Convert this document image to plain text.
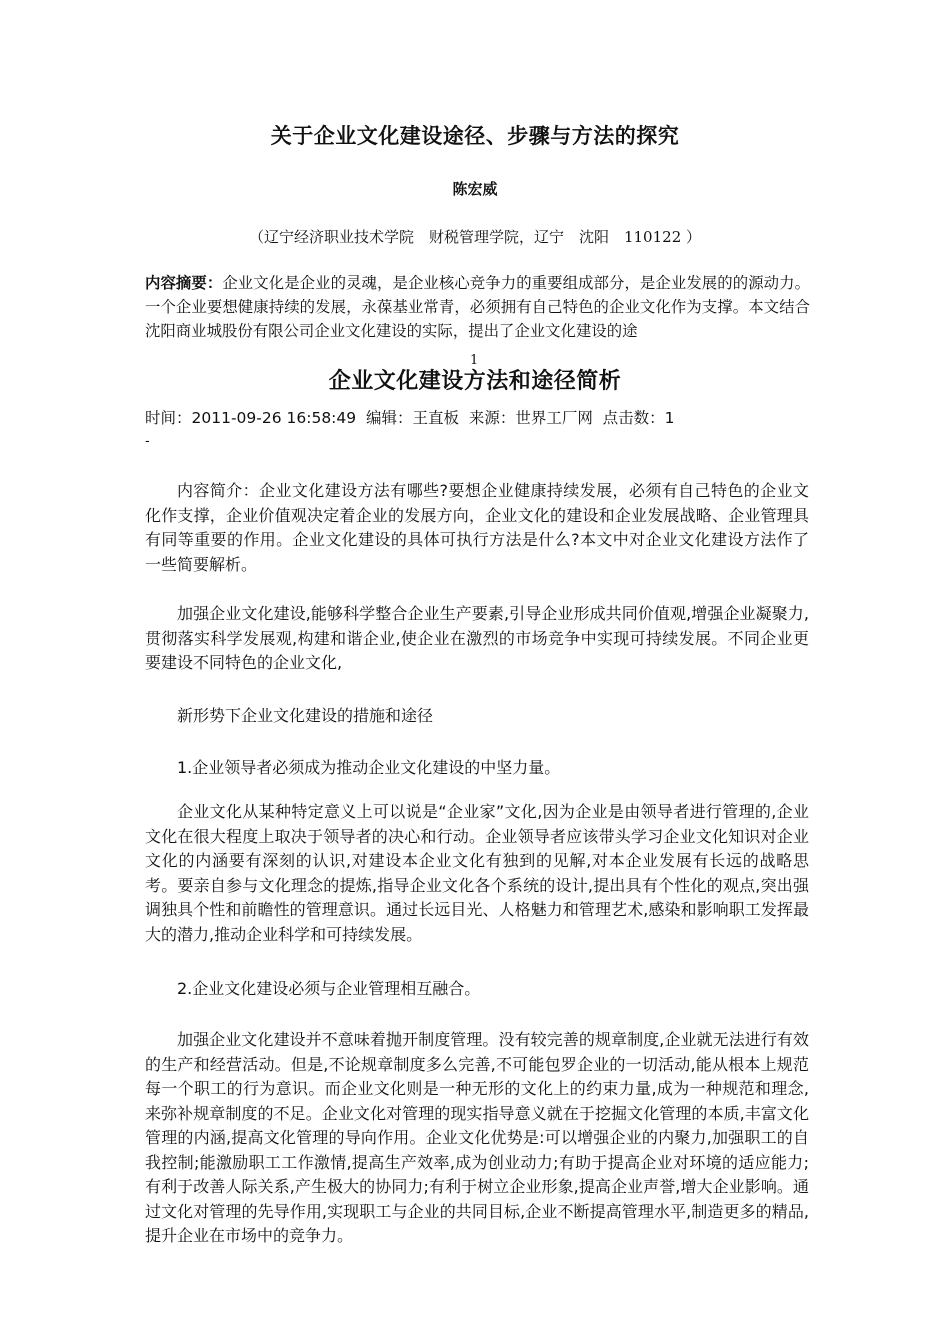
关于企业文化建设途径、步骤与方法的探究
陈宏威
（辽宁经济职业技术学院　财税管理学院，辽宁　沈阳　110122 ）
内容摘要：企业文化是企业的灵魂，是企业核心竞争力的重要组成部分，是企业发展的的源动力。一个企业要想健康持续的发展，永葆基业常青，必须拥有自己特色的企业文化作为支撑。本文结合沈阳商业城股份有限公司企业文化建设的实际，提出了企业文化建设的途
1
企业文化建设方法和途径简析
时间：2011-09-26 16:58:49  编辑：王直板  来源：世界工厂网  点击数：1
-
内容简介：企业文化建设方法有哪些?要想企业健康持续发展，必须有自己特色的企业文化作支撑，企业价值观决定着企业的发展方向，企业文化的建设和企业发展战略、企业管理具有同等重要的作用。企业文化建设的具体可执行方法是什么?本文中对企业文化建设方法作了一些简要解析。
加强企业文化建设,能够科学整合企业生产要素,引导企业形成共同价值观,增强企业凝聚力,贯彻落实科学发展观,构建和谐企业,使企业在激烈的市场竞争中实现可持续发展。不同企业更要建设不同特色的企业文化,
新形势下企业文化建设的措施和途径
1.企业领导者必须成为推动企业文化建设的中坚力量。
企业文化从某种特定意义上可以说是“企业家”文化,因为企业是由领导者进行管理的,企业文化在很大程度上取决于领导者的决心和行动。企业领导者应该带头学习企业文化知识对企业文化的内涵要有深刻的认识,对建设本企业文化有独到的见解,对本企业发展有长远的战略思考。要亲自参与文化理念的提炼,指导企业文化各个系统的设计,提出具有个性化的观点,突出强调独具个性和前瞻性的管理意识。通过长远目光、人格魅力和管理艺术,感染和影响职工发挥最大的潜力,推动企业科学和可持续发展。
2.企业文化建设必须与企业管理相互融合。
加强企业文化建设并不意味着抛开制度管理。没有较完善的规章制度,企业就无法进行有效的生产和经营活动。但是,不论规章制度多么完善,不可能包罗企业的一切活动,能从根本上规范每一个职工的行为意识。而企业文化则是一种无形的文化上的约束力量,成为一种规范和理念,来弥补规章制度的不足。企业文化对管理的现实指导意义就在于挖掘文化管理的本质,丰富文化管理的内涵,提高文化管理的导向作用。企业文化优势是:可以增强企业的内聚力,加强职工的自我控制;能激励职工工作激情,提高生产效率,成为创业动力;有助于提高企业对环境的适应能力;有利于改善人际关系,产生极大的协同力;有利于树立企业形象,提高企业声誉,增大企业影响。通过文化对管理的先导作用,实现职工与企业的共同目标,企业不断提高管理水平,制造更多的精品,提升企业在市场中的竞争力。
